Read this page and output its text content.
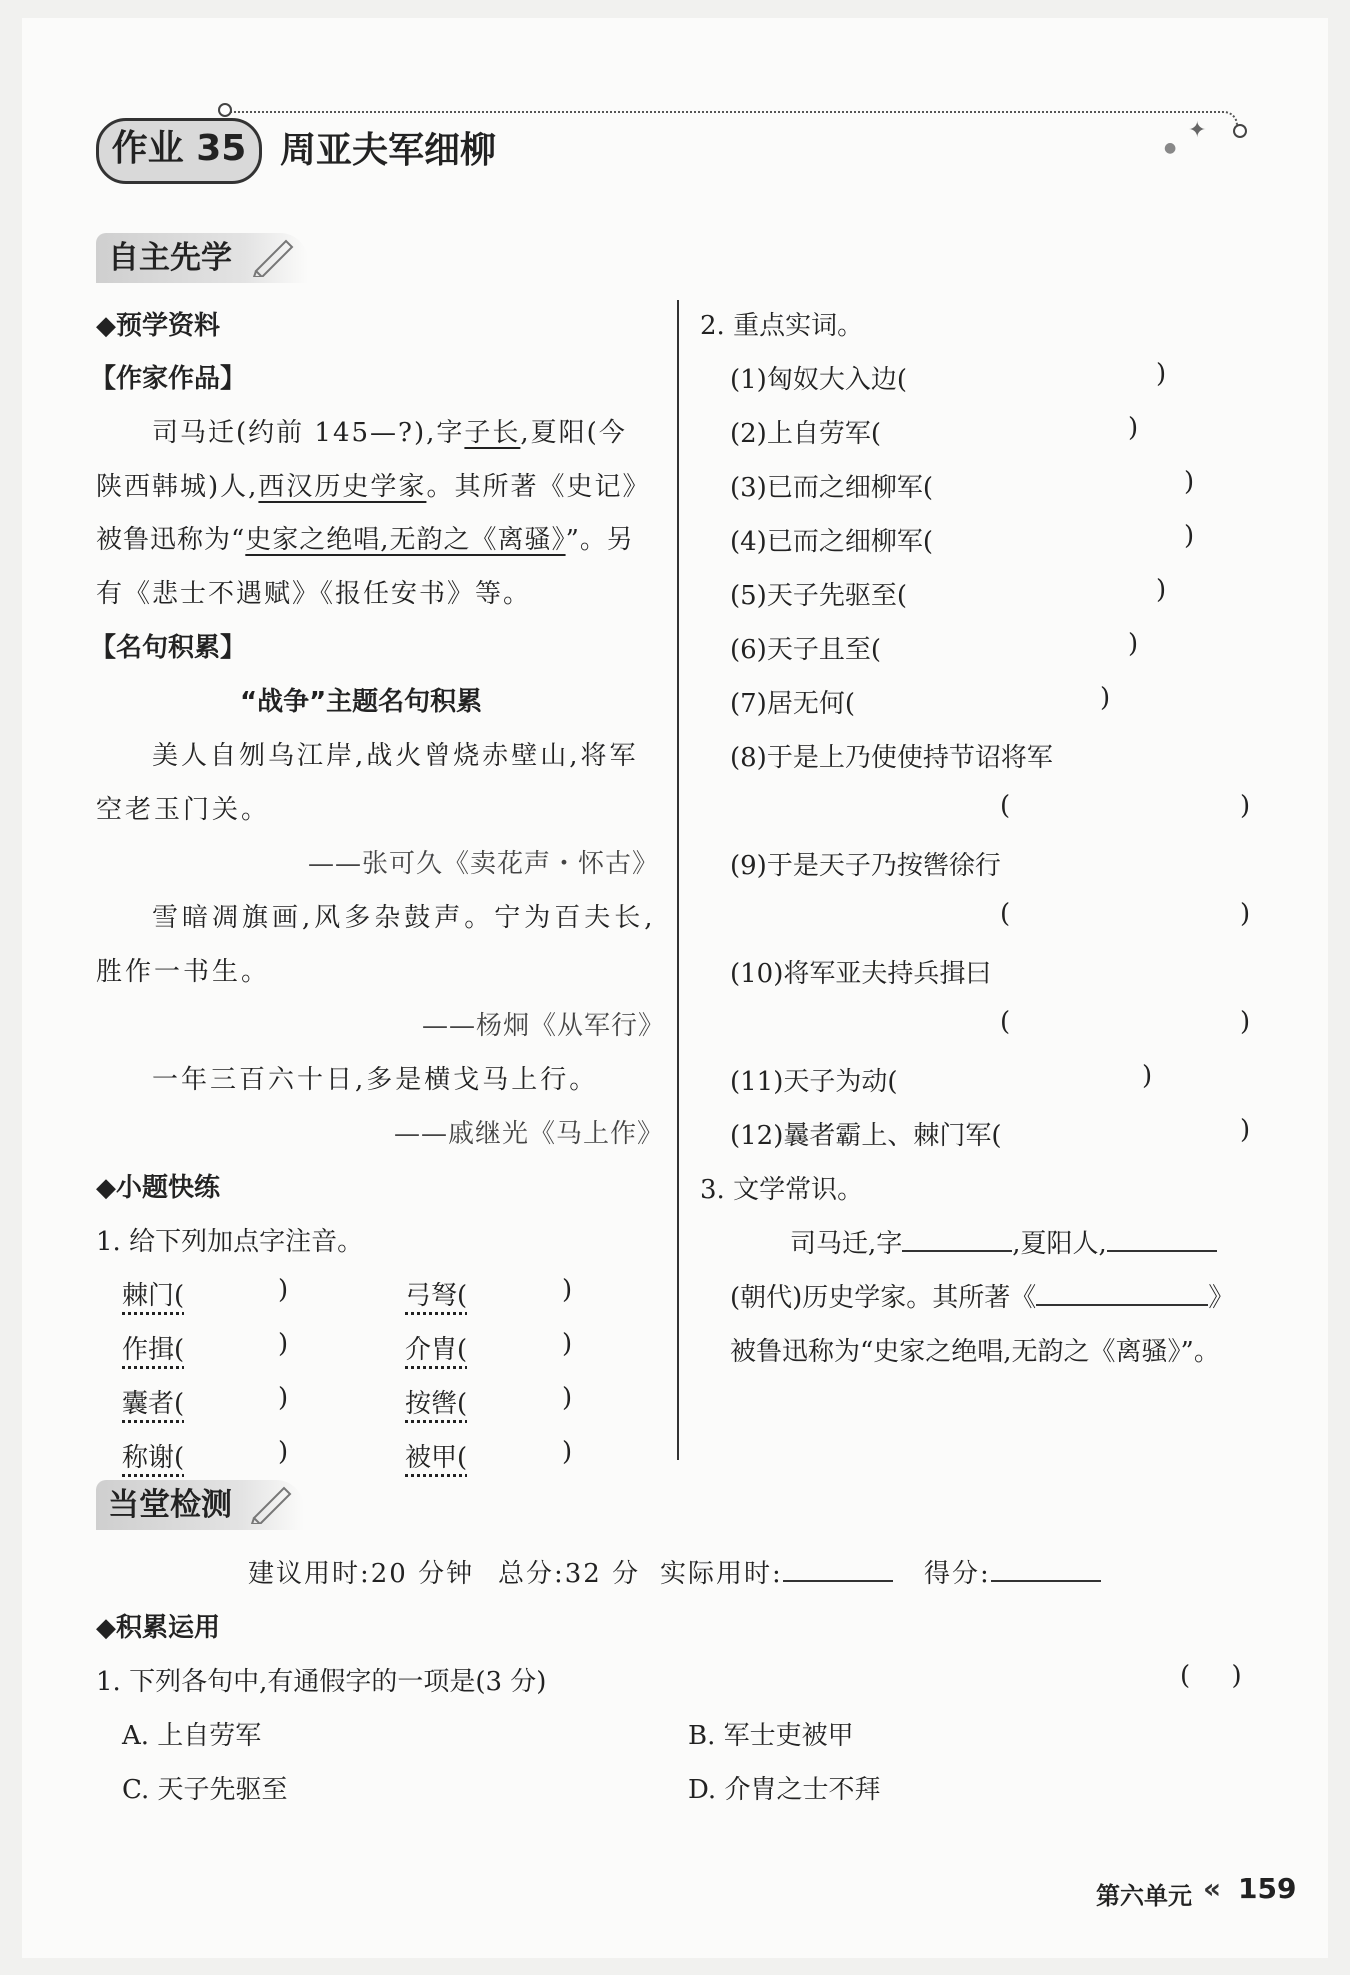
✦
●
作业 35 周亚夫军细柳
自主先学
◆预学资料
【作家作品】
司马迁(约前 145—?),字子长,夏阳(今
陕西韩城)人,西汉历史学家。其所著《史记》
被鲁迅称为“史家之绝唱,无韵之《离骚》”。另
有《悲士不遇赋》《报任安书》等。
【名句积累】
“战争”主题名句积累
美人自刎乌江岸,战火曾烧赤壁山,将军
空老玉门关。
——张可久《卖花声・怀古》
雪暗凋旗画,风多杂鼓声。宁为百夫长,
胜作一书生。
——杨炯《从军行》
一年三百六十日,多是横戈马上行。
——戚继光《马上作》
◆小题快练
1. 给下列加点字注音。
棘门(	)	弓弩(	)
作揖(	)	介胄(	)
囊者(	)	按辔(	)
称谢(	)	被甲(	)
2. 重点实词。
(1)匈奴大入边(	)
(2)上自劳军(	)
(3)已而之细柳军(	)
(4)已而之细柳军(	)
(5)天子先驱至(	)
(6)天子且至(	)
(7)居无何(	)
(8)于是上乃使使持节诏将军
(	)
(9)于是天子乃按辔徐行
(	)
(10)将军亚夫持兵揖曰
(	)
(11)天子为动(	)
(12)曩者霸上、棘门军(	)
3. 文学常识。
司马迁,字	,夏阳人,
(朝代)历史学家。其所著《	》
被鲁迅称为“史家之绝唱,无韵之《离骚》”。
当堂检测
建议用时:20 分钟 总分:32 分 实际用时:	得分:
◆积累运用
1. 下列各句中,有通假字的一项是(3 分)	(     )
A. 上自劳军	B. 军士吏被甲
C. 天子先驱至	D. 介胄之士不拜
第六单元 « 159
